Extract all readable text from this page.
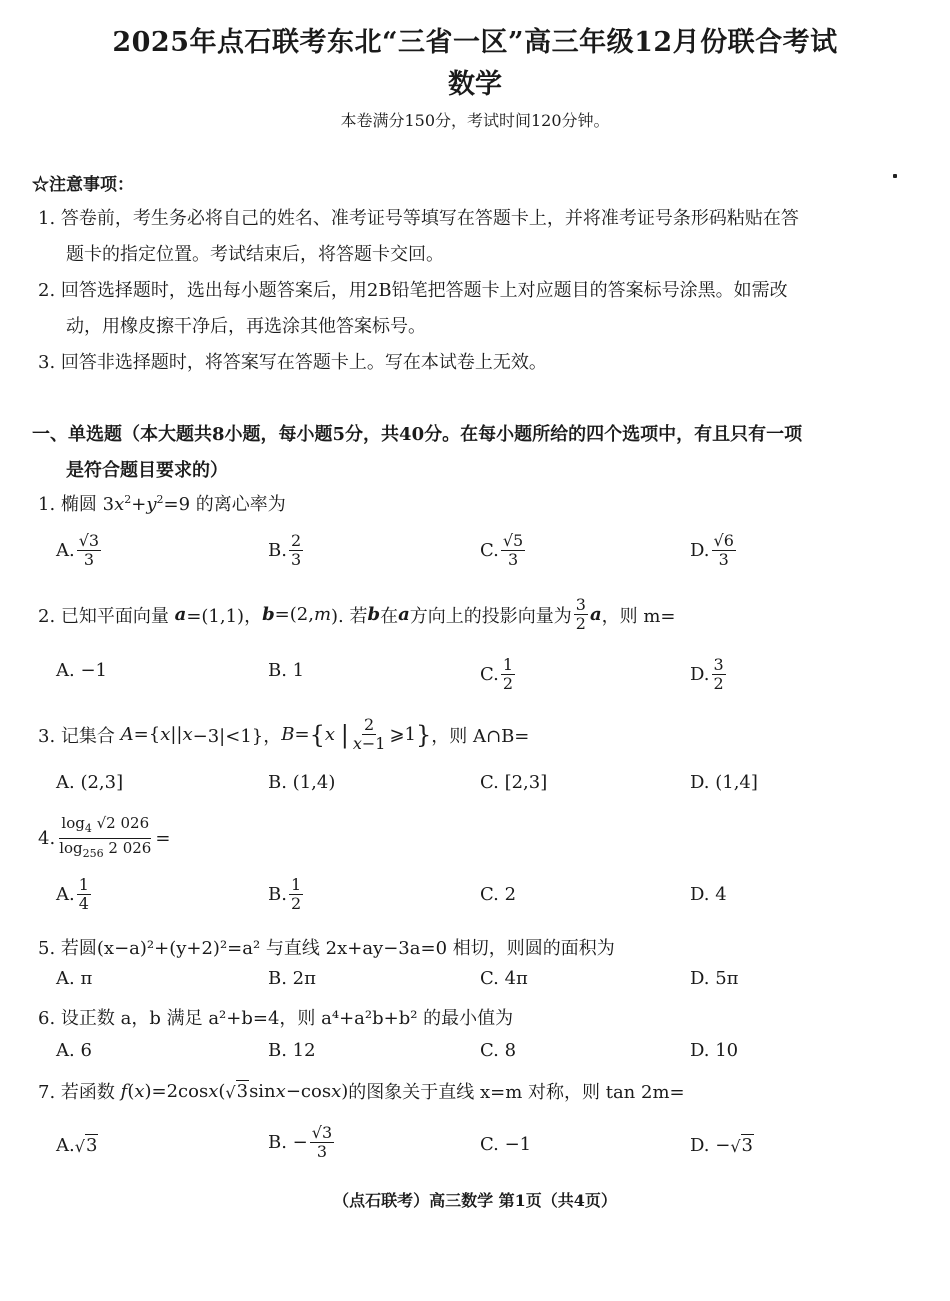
2025年点石联考东北“三省一区”高三年级12月份联合考试
数学
本卷满分150分，考试时间120分钟。
☆注意事项：
1. 答卷前，考生务必将自己的姓名、准考证号等填写在答题卡上，并将准考证号条形码粘贴在答
题卡的指定位置。考试结束后，将答题卡交回。
2. 回答选择题时，选出每小题答案后，用2B铅笔把答题卡上对应题目的答案标号涂黑。如需改
动，用橡皮擦干净后，再选涂其他答案标号。
3. 回答非选择题时，将答案写在答题卡上。写在本试卷上无效。
一、单选题（本大题共8小题，每小题5分，共40分。在每小题所给的四个选项中，有且只有一项
是符合题目要求的）
1. 椭圆 $3x^2+y^2=9$ 的离心率为
A. $\frac{√3}{3}$	B. $\frac{2}{3}$	C. $\frac{√5}{3}$	D. $\frac{√6}{3}$
2. 已知平面向量
a =(1,1)， b =(2, m ). 若 b 在 a 方向上的投影向量为 $\frac{3}{2}$ a ，则 m=
A. −1	B. 1	C. $\frac{1}{2}$	D. $\frac{3}{2}$
3. 记集合
A ={ x || x −3|<1}， B = { x
| $\frac{2}{x-1}$ ⩾1 } ，则 A∩B=
A. (2,3]	B. (1,4)	C. [2,3]	D. (1,4]
4. $\frac{\log_4 √2 026}{\log_{256} 2 026}$ =
A. $\frac{1}{4}$	B. $\frac{1}{2}$	C. 2	D. 4
5. 若圆(x−a)²+(y+2)²=a² 与直线 2x+ay−3a=0 相切，则圆的面积为
A. π	B. 2π	C. 4π	D. 5π
6. 设正数 a，b 满足 a²+b=4，则 a⁴+a²b+b² 的最小值为
A. 6	B. 12	C. 8	D. 10
7. 若函数
f ( x )=2cos x ( √ 3 sin x −cos x ) 的图象关于直线 x=m 对称，则 tan 2m=
A. √ 3	B. − $\frac{√3}{3}$	C. −1	D. − √ 3
（点石联考）高三数学 第1页（共4页）
